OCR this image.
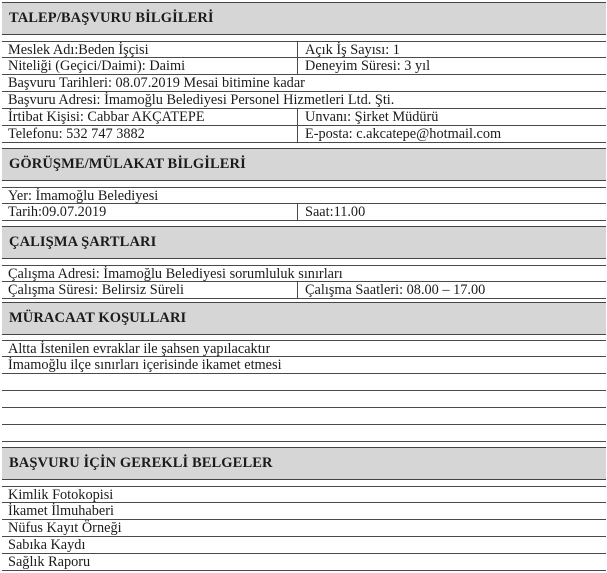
TALEP/BAŞVURU BİLGİLERİ
Meslek Adı:Beden İşçisi	Açık İş Sayısı: 1
Niteliği (Geçici/Daimi): Daimi	Deneyim Süresi: 3 yıl
Başvuru Tarihleri: 08.07.2019 Mesai bitimine kadar
Başvuru Adresi: İmamoğlu Belediyesi Personel Hizmetleri Ltd. Şti.
İrtibat Kişisi: Cabbar AKÇATEPE	Unvanı: Şirket Müdürü
Telefonu: 532 747 3882	E-posta: c.akcatepe@hotmail.com
GÖRÜŞME/MÜLAKAT BİLGİLERİ
Yer: İmamoğlu Belediyesi
Tarih:09.07.2019	Saat:11.00
ÇALIŞMA ŞARTLARI
Çalışma Adresi: İmamoğlu Belediyesi sorumluluk sınırları
Çalışma Süresi: Belirsiz Süreli	Çalışma Saatleri: 08.00 – 17.00
MÜRACAAT KOŞULLARI
Altta İstenilen evraklar ile şahsen yapılacaktır
İmamoğlu ilçe sınırları içerisinde ikamet etmesi
BAŞVURU İÇİN GEREKLİ BELGELER
Kimlik Fotokopisi
İkamet İlmuhaberi
Nüfus Kayıt Örneği
Sabıka Kaydı
Sağlık Raporu
